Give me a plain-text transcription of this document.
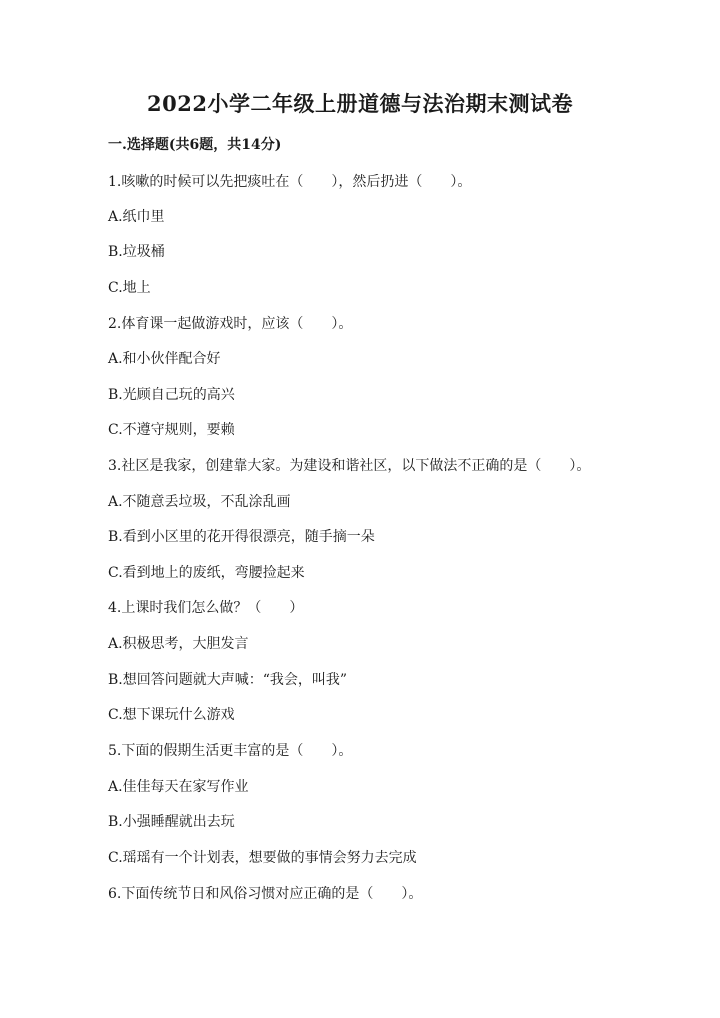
2022小学二年级上册道德与法治期末测试卷
一.选择题(共6题，共14分)
1.咳嗽的时候可以先把痰吐在（　　），然后扔进（　　）。
A.纸巾里
B.垃圾桶
C.地上
2.体育课一起做游戏时，应该（　　）。
A.和小伙伴配合好
B.光顾自己玩的高兴
C.不遵守规则，要赖
3.社区是我家，创建靠大家。为建设和谐社区，以下做法不正确的是（　　）。
A.不随意丢垃圾，不乱涂乱画
B.看到小区里的花开得很漂亮，随手摘一朵
C.看到地上的废纸，弯腰捡起来
4.上课时我们怎么做？（　　）
A.积极思考，大胆发言
B.想回答问题就大声喊：“我会，叫我”
C.想下课玩什么游戏
5.下面的假期生活更丰富的是（　　）。
A.佳佳每天在家写作业
B.小强睡醒就出去玩
C.瑶瑶有一个计划表，想要做的事情会努力去完成
6.下面传统节日和风俗习惯对应正确的是（　　）。
